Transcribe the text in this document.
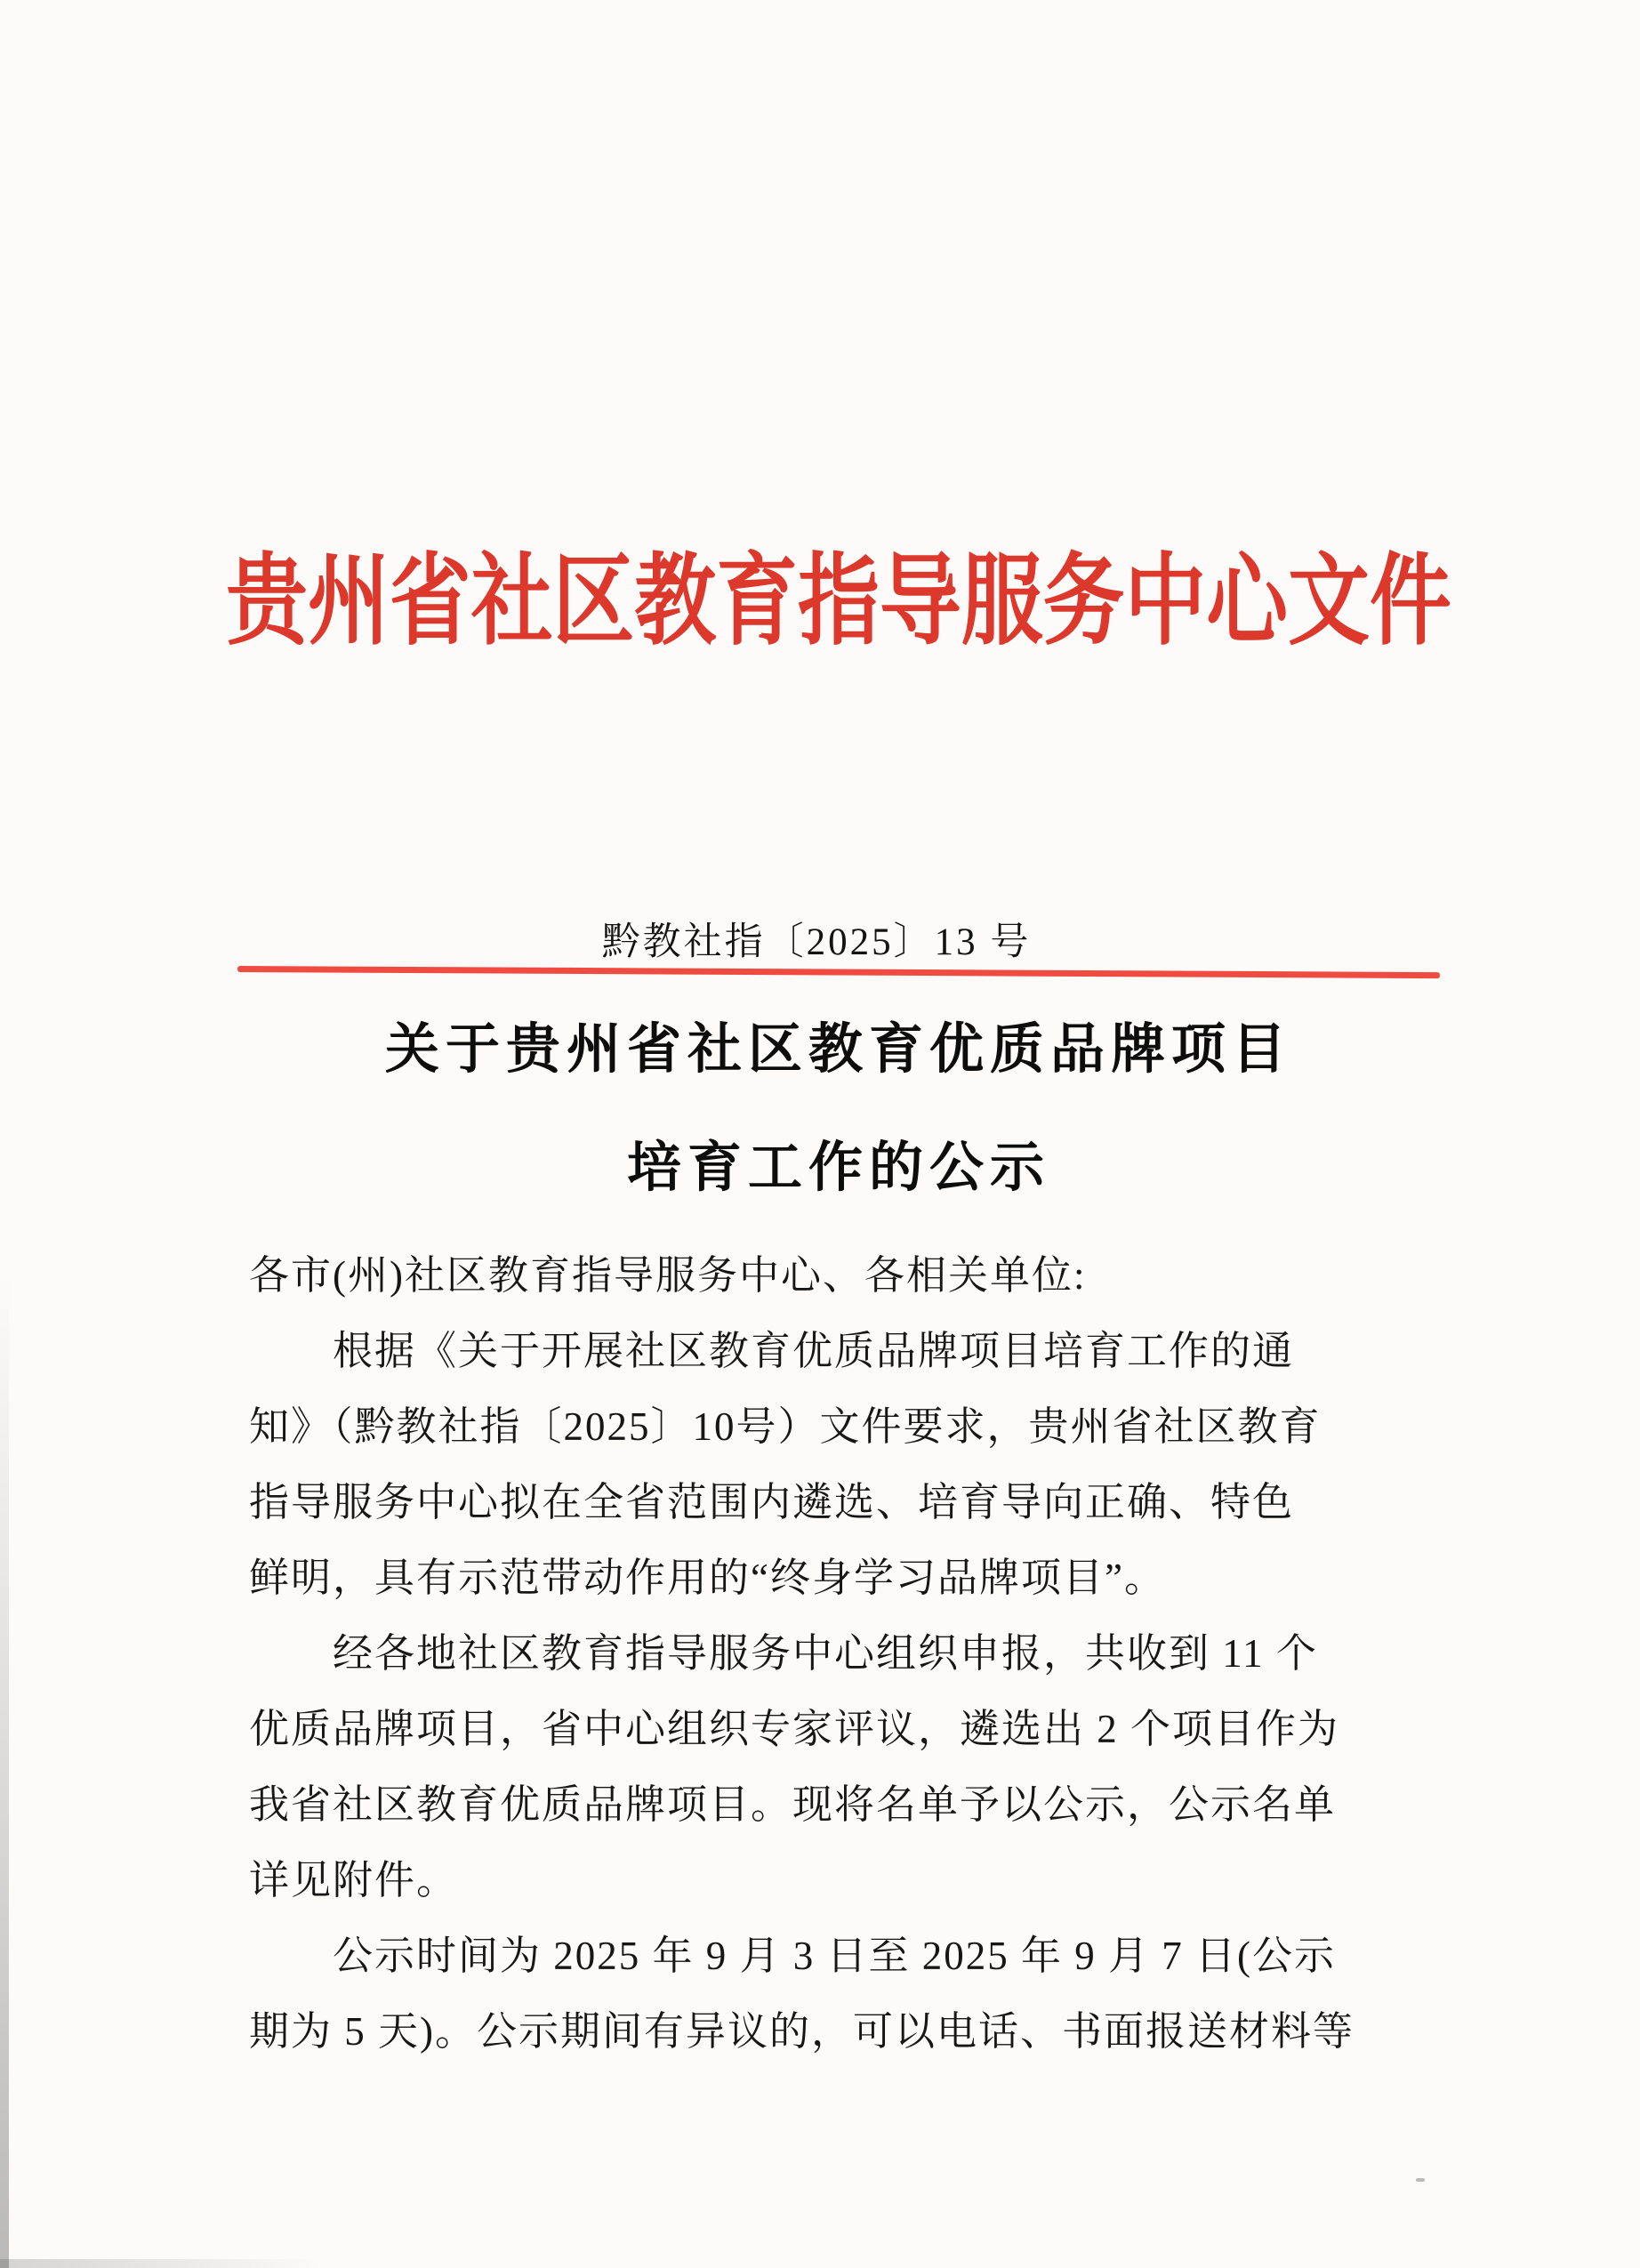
贵州省社区教育指导服务中心文件
黔教社指〔2025〕13 号
关于贵州省社区教育优质品牌项目
培育工作的公示

各市(州)社区教育指导服务中心、各相关单位:

根据《关于开展社区教育优质品牌项目培育工作的通

知》（黔教社指〔2025〕10号）文件要求，贵州省社区教育

指导服务中心拟在全省范围内遴选、培育导向正确、特色

鲜明，具有示范带动作用的“终身学习品牌项目”。

经各地社区教育指导服务中心组织申报，共收到 11 个

优质品牌项目，省中心组织专家评议，遴选出 2 个项目作为

我省社区教育优质品牌项目。现将名单予以公示，公示名单

详见附件。

公示时间为 2025 年 9 月 3 日至 2025 年 9 月 7 日(公示

期为 5 天)。公示期间有异议的，可以电话、书面报送材料等
